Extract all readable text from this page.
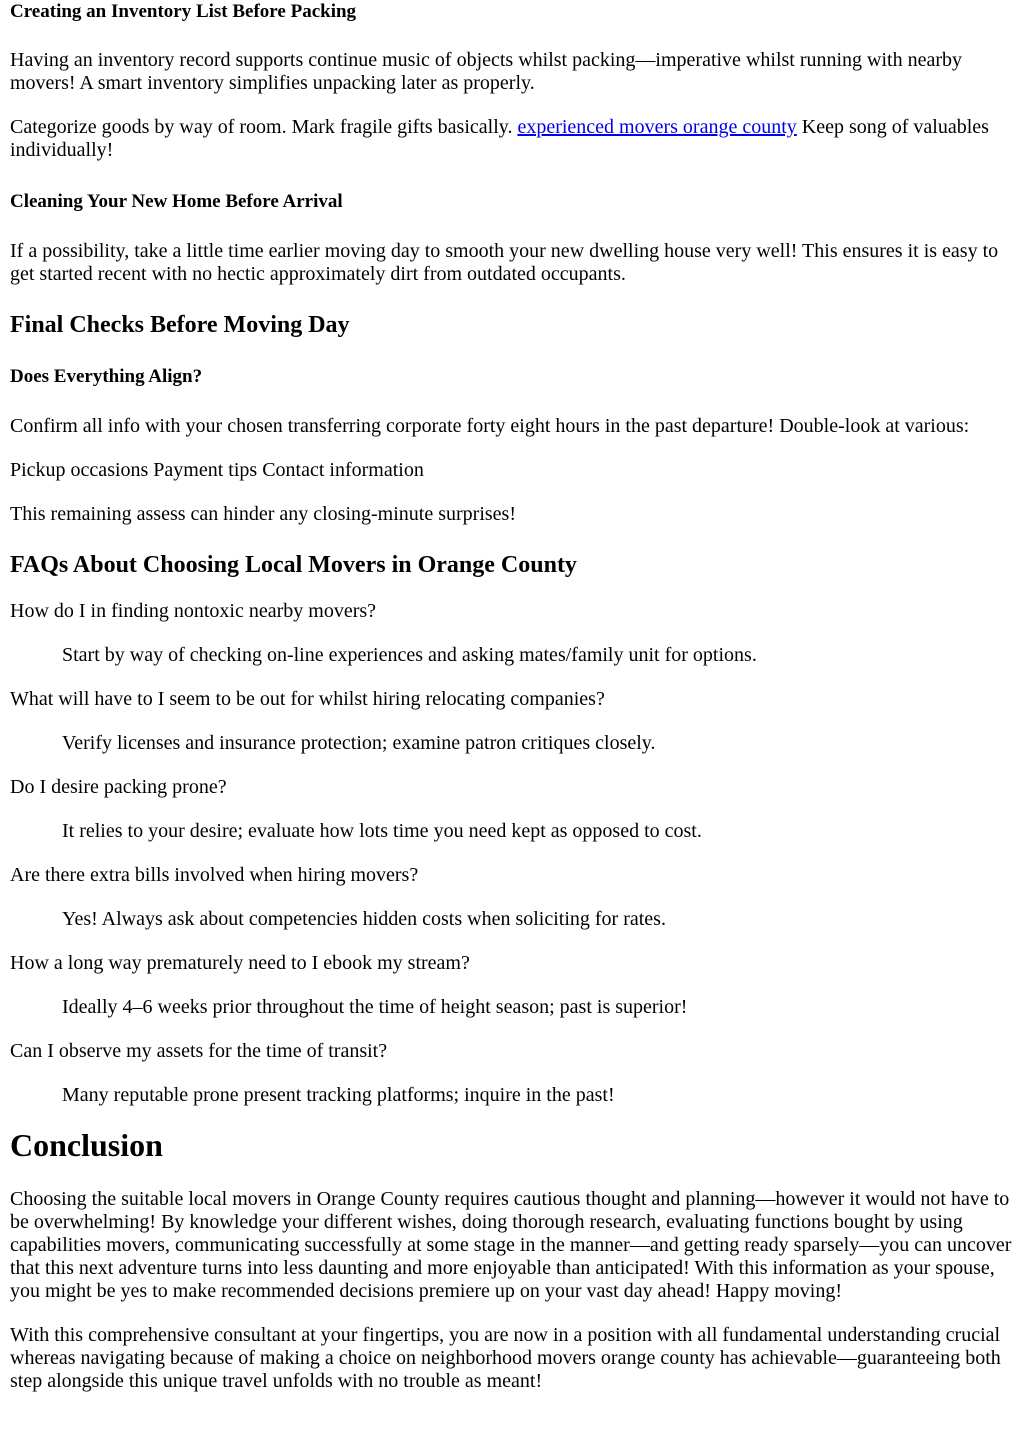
Creating an Inventory List Before Packing

Having an inventory record supports continue music of objects whilst packing—imperative whilst running with nearby movers! A smart inventory simplifies unpacking later as properly.

Categorize goods by way of room. Mark fragile gifts basically. experienced movers orange county Keep song of valuables individually!

Cleaning Your New Home Before Arrival

If a possibility, take a little time earlier moving day to smooth your new dwelling house very well! This ensures it is easy to get started recent with no hectic approximately dirt from outdated occupants.

Final Checks Before Moving Day
Does Everything Align?

Confirm all info with your chosen transferring corporate forty eight hours in the past departure! Double-look at various:

Pickup occasions Payment tips Contact information

This remaining assess can hinder any closing-minute surprises!

FAQs About Choosing Local Movers in Orange County

How do I in finding nontoxic nearby movers?

Start by way of checking on-line experiences and asking mates/family unit for options.

What will have to I seem to be out for whilst hiring relocating companies?

Verify licenses and insurance protection; examine patron critiques closely.

Do I desire packing prone?

It relies to your desire; evaluate how lots time you need kept as opposed to cost.

Are there extra bills involved when hiring movers?

Yes! Always ask about competencies hidden costs when soliciting for rates.

How a long way prematurely need to I ebook my stream?

Ideally 4–6 weeks prior throughout the time of height season; past is superior!

Can I observe my assets for the time of transit?

Many reputable prone present tracking platforms; inquire in the past!

Conclusion

Choosing the suitable local movers in Orange County requires cautious thought and planning—however it would not have to be overwhelming! By knowledge your different wishes, doing thorough research, evaluating functions bought by using capabilities movers, communicating successfully at some stage in the manner—and getting ready sparsely—you can uncover that this next adventure turns into less daunting and more enjoyable than anticipated! With this information as your spouse, you might be yes to make recommended decisions premiere up on your vast day ahead! Happy moving!

With this comprehensive consultant at your fingertips, you are now in a position with all fundamental understanding crucial whereas navigating because of making a choice on neighborhood movers orange county has achievable—guaranteeing both step alongside this unique travel unfolds with no trouble as meant!
